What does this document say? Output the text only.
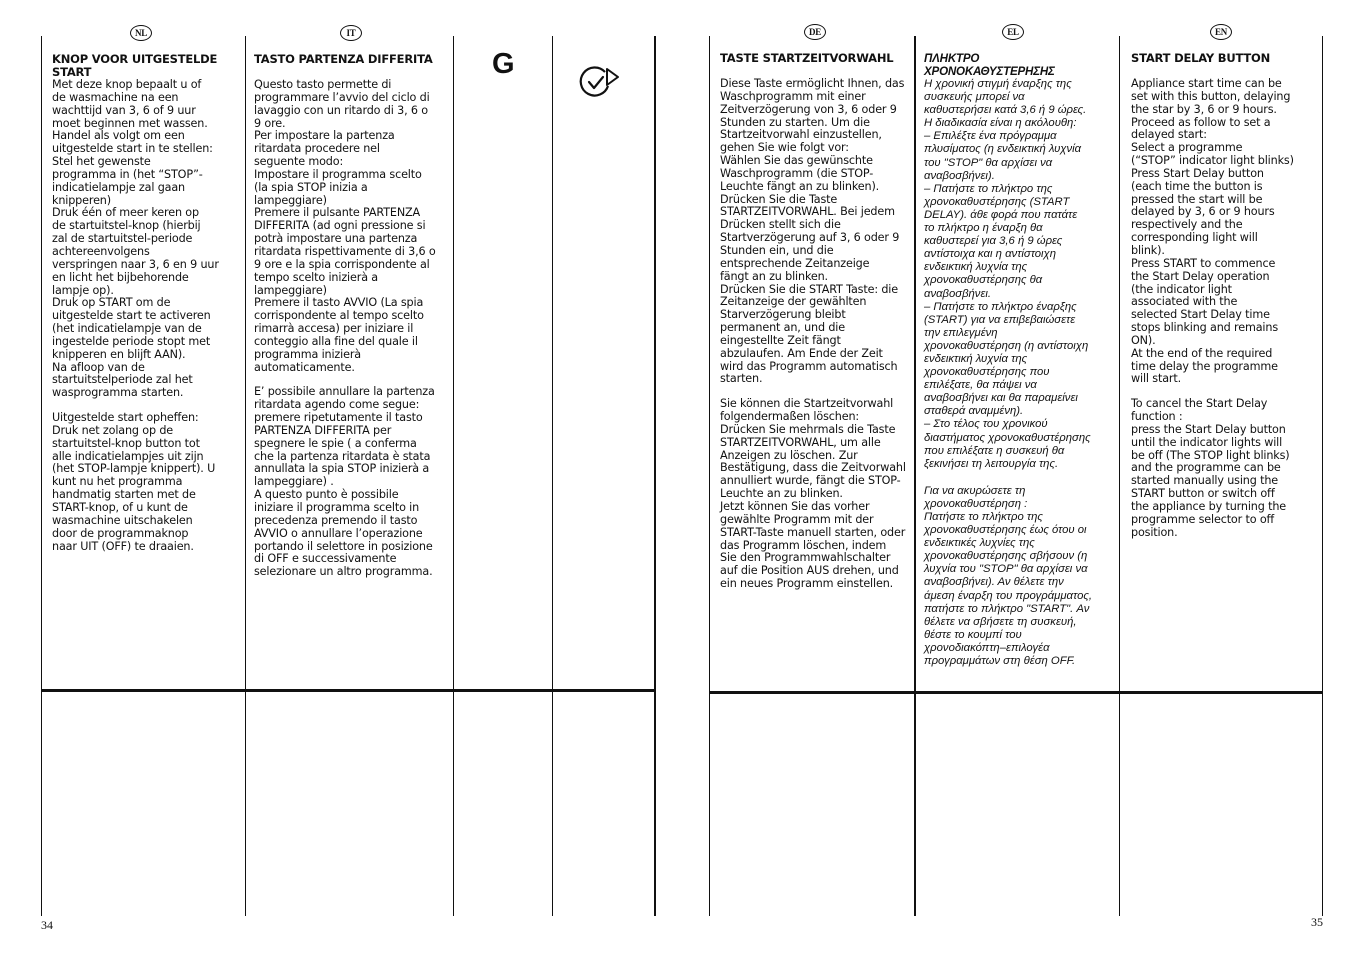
NL	IT	DE	EL	EN
G

KNOP VOOR UITGESTELDE
START

Met deze knop bepaalt u of
de wasmachine na een
wachttijd van 3, 6 of 9 uur
moet beginnen met wassen.
Handel als volgt om een
uitgestelde start in te stellen:
Stel het gewenste
programma in (het “STOP”-
indicatielampje zal gaan
knipperen)
Druk één of meer keren op
de startuitstel-knop (hierbij
zal de startuitstel-periode
achtereenvolgens
verspringen naar 3, 6 en 9 uur
en licht het bijbehorende
lampje op).
Druk op START om de
uitgestelde start te activeren
(het indicatielampje van de
ingestelde periode stopt met
knipperen en blijft AAN).
Na afloop van de
startuitstelperiode zal het
wasprogramma starten.

Uitgestelde start opheffen:
Druk net zolang op de
startuitstel-knop button tot
alle indicatielampjes uit zijn
(het STOP-lampje knippert). U
kunt nu het programma
handmatig starten met de
START-knop, of u kunt de
wasmachine uitschakelen
door de programmaknop
naar UIT (OFF) te draaien.

TASTO PARTENZA DIFFERITA

Questo tasto permette di
programmare l’avvio del ciclo di
lavaggio con un ritardo di 3, 6 o
9 ore.
Per impostare la partenza
ritardata procedere nel
seguente modo:
Impostare il programma scelto
(la spia STOP inizia a
lampeggiare)
Premere il pulsante PARTENZA
DIFFERITA (ad ogni pressione si
potrà impostare una partenza
ritardata rispettivamente di 3,6 o
9 ore e la spia corrispondente al
tempo scelto inizierà a
lampeggiare)
Premere il tasto AVVIO (La spia
corrispondente al tempo scelto
rimarrà accesa) per iniziare il
conteggio alla fine del quale il
programma inizierà
automaticamente.

E’ possibile annullare la partenza
ritardata agendo come segue:
premere ripetutamente il tasto
PARTENZA DIFFERITA per
spegnere le spie ( a conferma
che la partenza ritardata è stata
annullata la spia STOP inizierà a
lampeggiare) .
A questo punto è possibile
iniziare il programma scelto in
precedenza premendo il tasto
AVVIO o annullare l’operazione
portando il selettore in posizione
di OFF e successivamente
selezionare un altro programma.

TASTE STARTZEITVORWAHL

Diese Taste ermöglicht Ihnen, das
Waschprogramm mit einer
Zeitverzögerung von 3, 6 oder 9
Stunden zu starten. Um die
Startzeitvorwahl einzustellen,
gehen Sie wie folgt vor:
Wählen Sie das gewünschte
Waschprogramm (die STOP-
Leuchte fängt an zu blinken).
Drücken Sie die Taste
STARTZEITVORWAHL. Bei jedem
Drücken stellt sich die
Startverzögerung auf 3, 6 oder 9
Stunden ein, und die
entsprechende Zeitanzeige
fängt an zu blinken.
Drücken Sie die START Taste: die
Zeitanzeige der gewählten
Starverzögerung bleibt
permanent an, und die
eingestellte Zeit fängt
abzulaufen. Am Ende der Zeit
wird das Programm automatisch
starten.

Sie können die Startzeitvorwahl
folgendermaßen löschen:
Drücken Sie mehrmals die Taste
STARTZEITVORWAHL, um alle
Anzeigen zu löschen. Zur
Bestätigung, dass die Zeitvorwahl
annulliert wurde, fängt die STOP-
Leuchte an zu blinken.
Jetzt können Sie das vorher
gewählte Programm mit der
START-Taste manuell starten, oder
das Programm löschen, indem
Sie den Programmwahlschalter
auf die Position AUS drehen, und
ein neues Programm einstellen.

ΠΛΗΚΤΡΟ
ΧΡΟΝΟΚΑΘΥΣΤΕΡΗΣΗΣ

Η χρονική στιγμή έναρξης της
συσκευής μπορεί να
καθυστερήσει κατά 3,6 ή 9 ώρες.
Η διαδικασία είναι η ακόλουθη:
– Επιλέξτε ένα πρόγραμμα
πλυσίματος (η ενδεικτική λυχνία
του "STOP" θα αρχίσει να
αναβοσβήνει).
– Πατήστε το πλήκτρο της
χρονοκαθυστέρησης (START
DELAY). άθε φορά που πατάτε
το πλήκτρο η έναρξη θα
καθυστερεί για 3,6 ή 9 ώρες
αντίστοιχα και η αντίστοιχη
ενδεικτική λυχνία της
χρονοκαθυστέρησης θα
αναβοσβήνει.
– Πατήστε το πλήκτρο έναρξης
(START) για να επιβεβαιώσετε
την επιλεγμένη
χρονοκαθυστέρηση (η αντίστοιχη
ενδεικτική λυχνία της
χρονοκαθυστέρησης που
επιλέξατε, θα πάψει να
αναβοσβήνει και θα παραμείνει
σταθερά αναμμένη).
– Στο τέλος του χρονικού
διαστήματος χρονοκαθυστέρησης
που επιλέξατε η συσκευή θα
ξεκινήσει τη λειτουργία της.

Για να ακυρώσετε τη
χρονοκαθυστέρηση :
Πατήστε το πλήκτρο της
χρονοκαθυστέρησης έως ότου οι
ενδεικτικές λυχνίες της
χρονοκαθυστέρησης σβήσουν (η
λυχνία του "STOP" θα αρχίσει να
αναβοσβήνει). Αν θέλετε την
άμεση έναρξη του προγράμματος,
πατήστε το πλήκτρο "START". Αν
θέλετε να σβήσετε τη συσκευή,
θέστε το κουμπί του
χρονοδιακόπτη–επιλογέα
προγραμμάτων στη θέση OFF.

START DELAY BUTTON

Appliance start time can be
set with this button, delaying
the star by 3, 6 or 9 hours.
Proceed as follow to set a
delayed start:
Select a programme
(“STOP” indicator light blinks)
Press Start Delay button
(each time the button is
pressed the start will be
delayed by 3, 6 or 9 hours
respectively and the
corresponding light will
blink).
Press START to commence
the Start Delay operation
(the indicator light
associated with the
selected Start Delay time
stops blinking and remains
ON).
At the end of the required
time delay the programme
will start.

To cancel the Start Delay
function :
press the Start Delay button
until the indicator lights will
be off (The STOP light blinks)
and the programme can be
started manually using the
START button or switch off
the appliance by turning the
programme selector to off
position.

34	35
